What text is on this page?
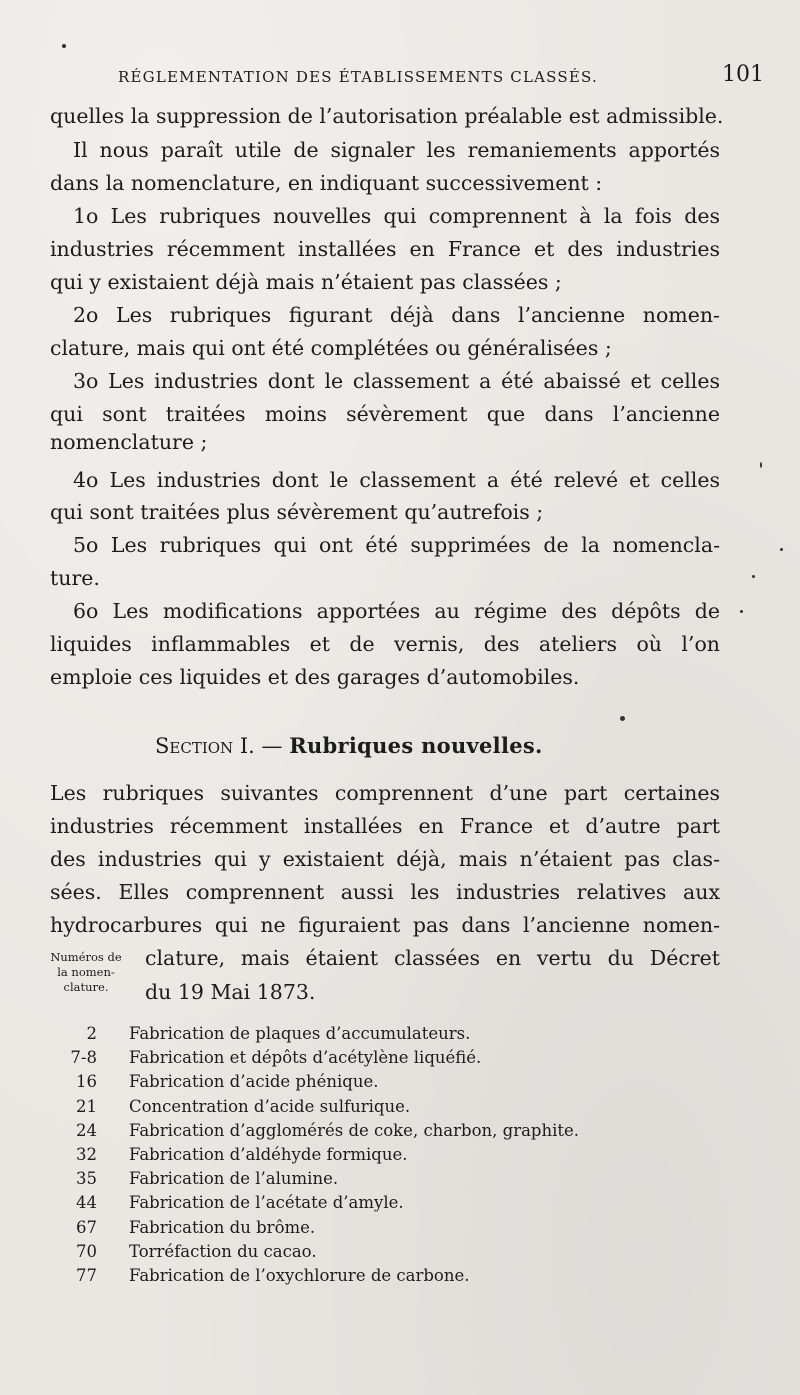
RÉGLEMENTATION DES ÉTABLISSEMENTS CLASSÉS.	101
quelles la suppression de l’autorisation préalable est admissible.
Il nous paraît utile de signaler les remaniements apportés
dans la nomenclature, en indiquant successivement :
1o Les rubriques nouvelles qui comprennent à la fois des
industries récemment installées en France et des industries
qui y existaient déjà mais n’étaient pas classées ;
2o Les rubriques figurant déjà dans l’ancienne nomen-
clature, mais qui ont été complétées ou généralisées ;
3o Les industries dont le classement a été abaissé et celles
qui sont traitées moins sévèrement que dans l’ancienne
nomenclature ;
4o Les industries dont le classement a été relevé et celles
qui sont traitées plus sévèrement qu’autrefois ;
5o Les rubriques qui ont été supprimées de la nomencla-
ture.
6o Les modifications apportées au régime des dépôts de
liquides inflammables et de vernis, des ateliers où l’on
emploie ces liquides et des garages d’automobiles.
Section I. — Rubriques nouvelles.
Les rubriques suivantes comprennent d’une part certaines
industries récemment installées en France et d’autre part
des industries qui y existaient déjà, mais n’étaient pas clas-
sées. Elles comprennent aussi les industries relatives aux
hydrocarbures qui ne figuraient pas dans l’ancienne nomen-
clature, mais étaient classées en vertu du Décret
du 19 Mai 1873.
Numéros de la nomen- clature.
2 Fabrication de plaques d’accumulateurs.
7-8 Fabrication et dépôts d’acétylène liquéfié.
16 Fabrication d’acide phénique.
21 Concentration d’acide sulfurique.
24 Fabrication d’agglomérés de coke, charbon, graphite.
32 Fabrication d’aldéhyde formique.
35 Fabrication de l’alumine.
44 Fabrication de l’acétate d’amyle.
67 Fabrication du brôme.
70 Torréfaction du cacao.
77 Fabrication de l’oxychlorure de carbone.
